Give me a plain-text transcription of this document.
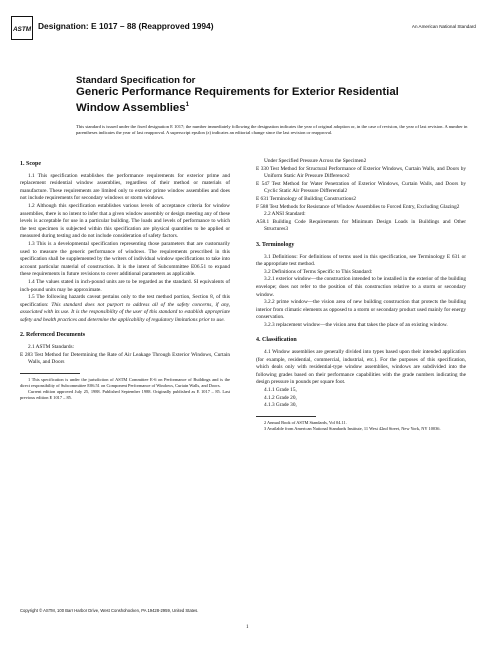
ASTM Designation: E 1017 – 88 (Reapproved 1994)	An American National Standard
Standard Specification for
Generic Performance Requirements for Exterior Residential
Window Assemblies$^1$
This standard is issued under the fixed designation E 1017; the number immediately following the designation indicates the year of original adoption or, in the case of revision, the year of last revision. A number in parentheses indicates the year of last reapproval. A superscript epsilon (ε) indicates an editorial change since the last revision or reapproval.
1. Scope

1.1 This specification establishes the performance requirements for exterior prime and replacement residential window assemblies, regardless of their method or materials of manufacture. These requirements are limited only to exterior prime window assemblies and does not include requirements for secondary windows or storm windows.

1.2 Although this specification establishes various levels of acceptance criteria for window assemblies, there is no intent to infer that a given window assembly or design meeting any of these levels is acceptable for use in a particular building. The loads and levels of performance to which the test specimen is subjected within this specification are physical quantities to be applied or measured during testing and do not include consideration of safety factors.

1.3 This is a developmental specification representing those parameters that are customarily used to measure the generic performance of windows. The requirements prescribed in this specification shall be supplemented by the writers of individual window specifications to take into account particular material of construction. It is the intent of Subcommittee E06.51 to expand these requirements in future revisions to cover additional parameters as applicable.

1.4 The values stated in inch-pound units are to be regarded as the standard. SI equivalents of inch-pound units may be approximate.

1.5 The following hazards caveat pertains only to the test method portion, Section 8, of this specification: This standard does not purport to address all of the safety concerns, if any, associated with its use. It is the responsibility of the user of this standard to establish appropriate safety and health practices and determine the applicability of regulatory limitations prior to use.

2. Referenced Documents

2.1 ASTM Standards:

E 283 Test Method for Determining the Rate of Air Leakage Through Exterior Windows, Curtain Walls, and Doors

1 This specification is under the jurisdiction of ASTM Committee E-6 on Performance of Buildings and is the direct responsibility of Subcommittee E06.51 on Component Performance of Windows, Curtain Walls, and Doors.

Current edition approved July 25, 1988. Published September 1988. Originally published as E 1017 – 85. Last previous edition E 1017 – 85.

Under Specified Pressure Across the Specimen2

E 330 Test Method for Structural Performance of Exterior Windows, Curtain Walls, and Doors by Uniform Static Air Pressure Difference2

E 547 Test Method for Water Penetration of Exterior Windows, Curtain Walls, and Doors by Cyclic Static Air Pressure Differential2

E 631 Terminology of Building Constructions2

F 588 Test Methods for Resistance of Window Assemblies to Forced Entry, Excluding Glazing2

2.2 ANSI Standard:

A58.1 Building Code Requirements for Minimum Design Loads in Buildings and Other Structures3

3. Terminology

3.1 Definitions: For definitions of terms used in this specification, see Terminology E 631 or the appropriate test method.

3.2 Definitions of Terms Specific to This Standard:

3.2.1 exterior window—the construction intended to be installed in the exterior of the building envelope; does not refer to the position of this construction relative to a storm or secondary window.

3.2.2 prime window—the vision area of new building construction that protects the building interior from climatic elements as opposed to a storm or secondary product used mainly for energy conservation.

3.2.3 replacement window—the vision area that takes the place of an existing window.

4. Classification

4.1 Window assemblies are generally divided into types based upon their intended application (for example, residential, commercial, industrial, etc.). For the purposes of this specification, which deals only with residential-type window assemblies, windows are subdivided into the following grades based on their performance capabilities with the grade numbers indicating the design pressure in pounds per square foot.

4.1.1 Grade 15,

4.1.2 Grade 20,

4.1.3 Grade 30,

2 Annual Book of ASTM Standards, Vol 04.11.

3 Available from American National Standards Institute, 11 West 42nd Street, New York, NY 10036.

Copyright © ASTM, 100 Barr Harbor Drive, West Conshohocken, PA 19428-2959, United States.
1
